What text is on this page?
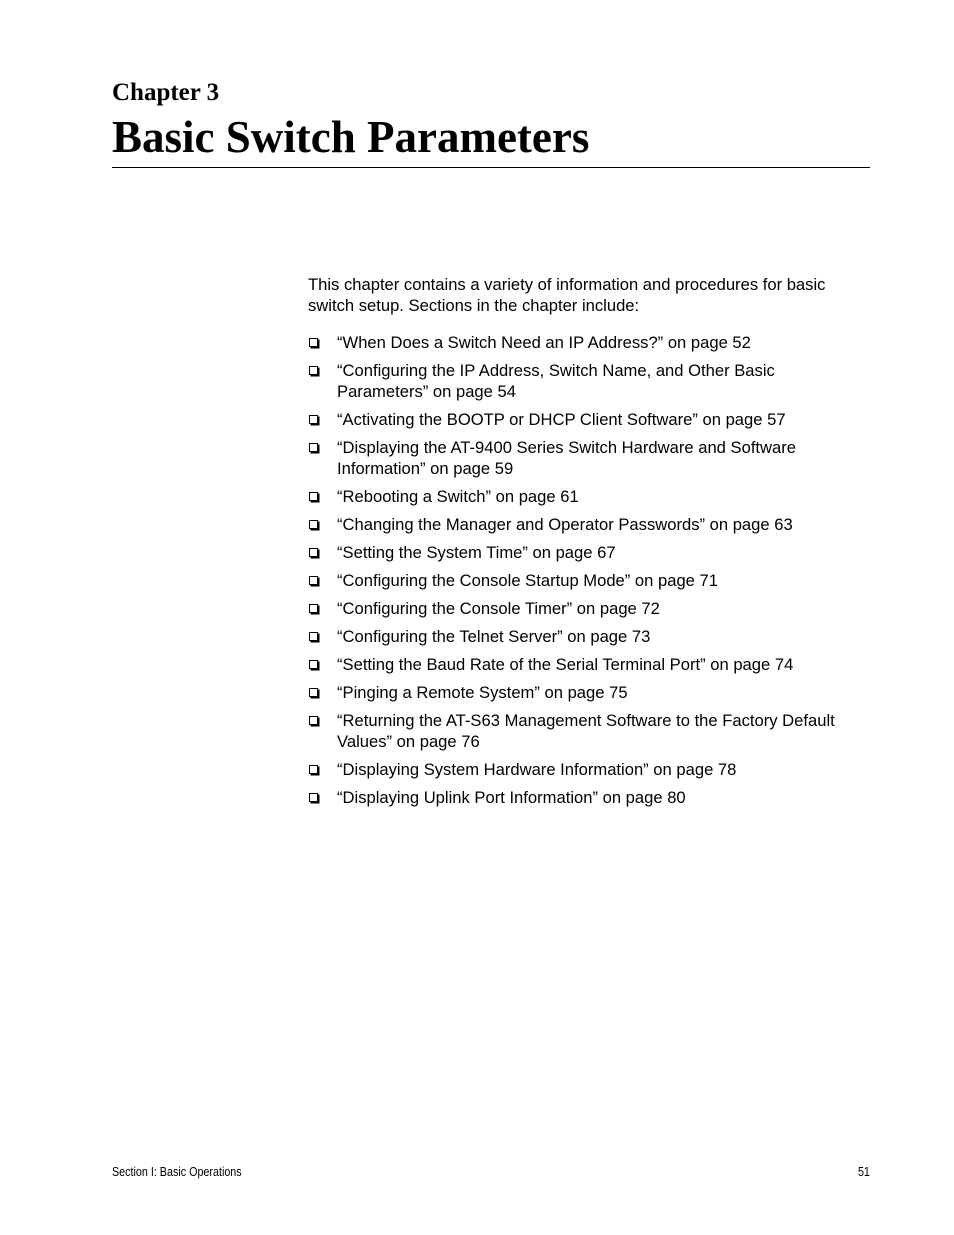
Chapter 3
Basic Switch Parameters

This chapter contains a variety of information and procedures for basic switch setup. Sections in the chapter include:

“When Does a Switch Need an IP Address?” on page 52
“Configuring the IP Address, Switch Name, and Other Basic Parameters” on page 54
“Activating the BOOTP or DHCP Client Software” on page 57
“Displaying the AT-9400 Series Switch Hardware and Software Information” on page 59
“Rebooting a Switch” on page 61
“Changing the Manager and Operator Passwords” on page 63
“Setting the System Time” on page 67
“Configuring the Console Startup Mode” on page 71
“Configuring the Console Timer” on page 72
“Configuring the Telnet Server” on page 73
“Setting the Baud Rate of the Serial Terminal Port” on page 74
“Pinging a Remote System” on page 75
“Returning the AT-S63 Management Software to the Factory Default Values” on page 76
“Displaying System Hardware Information” on page 78
“Displaying Uplink Port Information” on page 80
Section I: Basic Operations	51
